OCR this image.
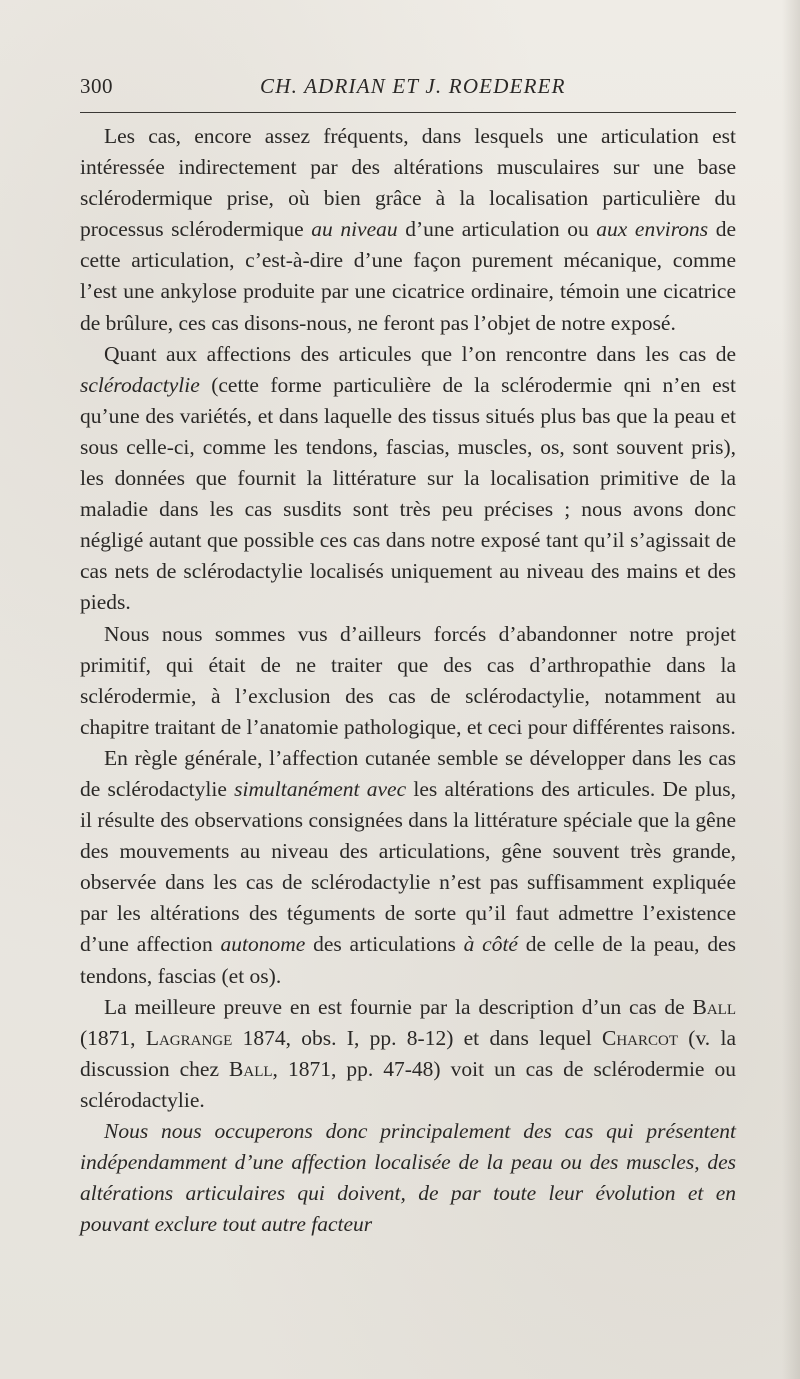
300	CH. ADRIAN ET J. ROEDERER

Les cas, encore assez fréquents, dans lesquels une articulation est intéressée indirectement par des altérations musculaires sur une base sclérodermique prise, où bien grâce à la localisation particulière du processus sclérodermique au niveau d’une articulation ou aux environs de cette articulation, c’est-à-dire d’une façon purement mécanique, comme l’est une ankylose produite par une cicatrice ordinaire, témoin une cicatrice de brûlure, ces cas disons-nous, ne feront pas l’objet de notre exposé.

Quant aux affections des articules que l’on rencontre dans les cas de sclérodactylie (cette forme particulière de la sclérodermie qni n’en est qu’une des variétés, et dans laquelle des tissus situés plus bas que la peau et sous celle-ci, comme les tendons, fascias, muscles, os, sont souvent pris), les données que fournit la littérature sur la localisation primitive de la maladie dans les cas susdits sont très peu précises ; nous avons donc négligé autant que possible ces cas dans notre exposé tant qu’il s’agissait de cas nets de sclérodactylie localisés uniquement au niveau des mains et des pieds.

Nous nous sommes vus d’ailleurs forcés d’abandonner notre projet primitif, qui était de ne traiter que des cas d’arthropathie dans la sclérodermie, à l’exclusion des cas de sclérodactylie, notamment au chapitre traitant de l’anatomie pathologique, et ceci pour différentes raisons.

En règle générale, l’affection cutanée semble se développer dans les cas de sclérodactylie simultanément avec les altérations des articules. De plus, il résulte des observations consignées dans la littérature spéciale que la gêne des mouvements au niveau des articulations, gêne souvent très grande, observée dans les cas de sclérodactylie n’est pas suffisamment expliquée par les altérations des téguments de sorte qu’il faut admettre l’existence d’une affection autonome des articulations à côté de celle de la peau, des tendons, fascias (et os).

La meilleure preuve en est fournie par la description d’un cas de Ball (1871, Lagrange 1874, obs. I, pp. 8-12) et dans lequel Charcot (v. la discussion chez Ball, 1871, pp. 47-48) voit un cas de sclérodermie ou sclérodactylie.

Nous nous occuperons donc principalement des cas qui présentent indépendamment d’une affection localisée de la peau ou des muscles, des altérations articulaires qui doivent, de par toute leur évolution et en pouvant exclure tout autre facteur
